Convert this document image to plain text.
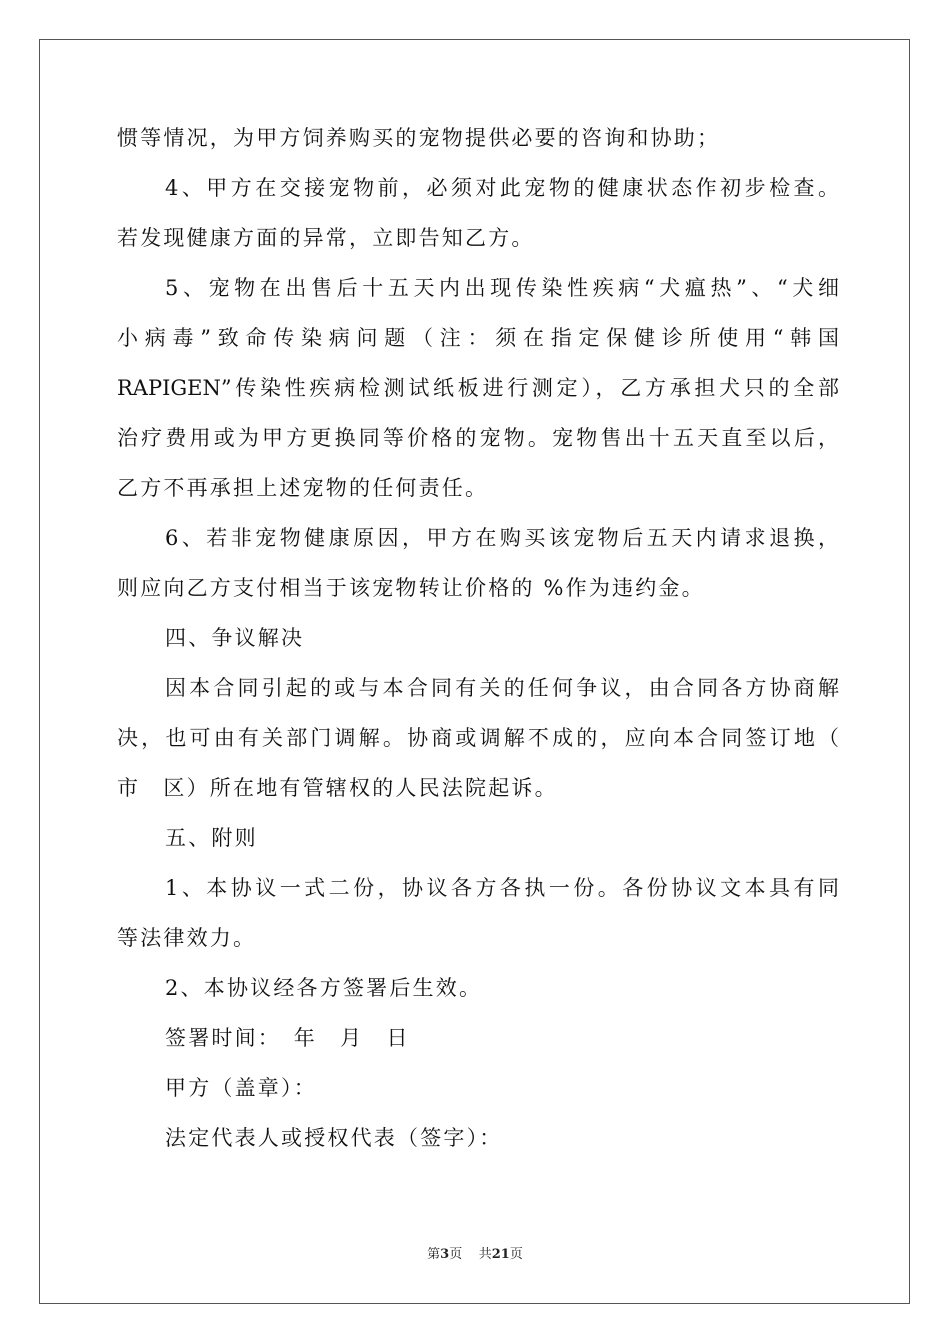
惯等情况，为甲方饲养购买的宠物提供必要的咨询和协助；
4、甲方在交接宠物前，必须对此宠物的健康状态作初步检查。
若发现健康方面的异常，立即告知乙方。
5、宠物在出售后十五天内出现传染性疾病“犬瘟热”、“犬细
小病毒”致命传染病问题（注：须在指定保健诊所使用“韩国
RAPIGEN”传染性疾病检测试纸板进行测定），乙方承担犬只的全部
治疗费用或为甲方更换同等价格的宠物。宠物售出十五天直至以后，
乙方不再承担上述宠物的任何责任。
6、若非宠物健康原因，甲方在购买该宠物后五天内请求退换，
则应向乙方支付相当于该宠物转让价格的 %作为违约金。
四、争议解决
因本合同引起的或与本合同有关的任何争议，由合同各方协商解
决，也可由有关部门调解。协商或调解不成的，应向本合同签订地（
市　区）所在地有管辖权的人民法院起诉。
五、附则
1、本协议一式二份，协议各方各执一份。各份协议文本具有同
等法律效力。
2、本协议经各方签署后生效。
签署时间：　年　月　日
甲方（盖章）：
法定代表人或授权代表（签字）：
第3页 共21页
